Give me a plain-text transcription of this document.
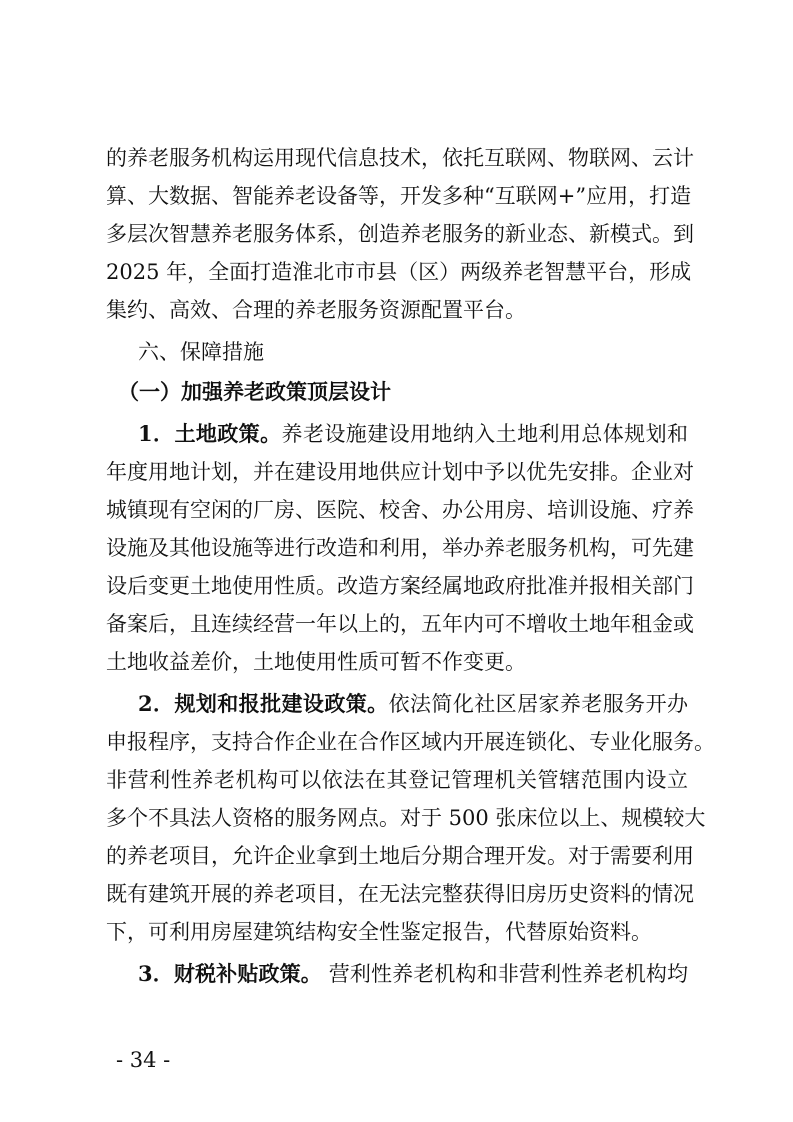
的养老服务机构运用现代信息技术，依托互联网、物联网、云计
算、大数据、智能养老设备等，开发多种“互联网+”应用，打造
多层次智慧养老服务体系，创造养老服务的新业态、新模式。到
2025 年，全面打造淮北市市县（区）两级养老智慧平台，形成
集约、高效、合理的养老服务资源配置平台。
六、保障措施
（一）加强养老政策顶层设计
1．土地政策。养老设施建设用地纳入土地利用总体规划和
年度用地计划，并在建设用地供应计划中予以优先安排。企业对
城镇现有空闲的厂房、医院、校舍、办公用房、培训设施、疗养
设施及其他设施等进行改造和利用，举办养老服务机构，可先建
设后变更土地使用性质。改造方案经属地政府批准并报相关部门
备案后，且连续经营一年以上的，五年内可不增收土地年租金或
土地收益差价，土地使用性质可暂不作变更。
2．规划和报批建设政策。依法简化社区居家养老服务开办
申报程序，支持合作企业在合作区域内开展连锁化、专业化服务。
非营利性养老机构可以依法在其登记管理机关管辖范围内设立
多个不具法人资格的服务网点。对于 500 张床位以上、规模较大
的养老项目，允许企业拿到土地后分期合理开发。对于需要利用
既有建筑开展的养老项目，在无法完整获得旧房历史资料的情况
下，可利用房屋建筑结构安全性鉴定报告，代替原始资料。
3．财税补贴政策。 营利性养老机构和非营利性养老机构均
- 34 -
